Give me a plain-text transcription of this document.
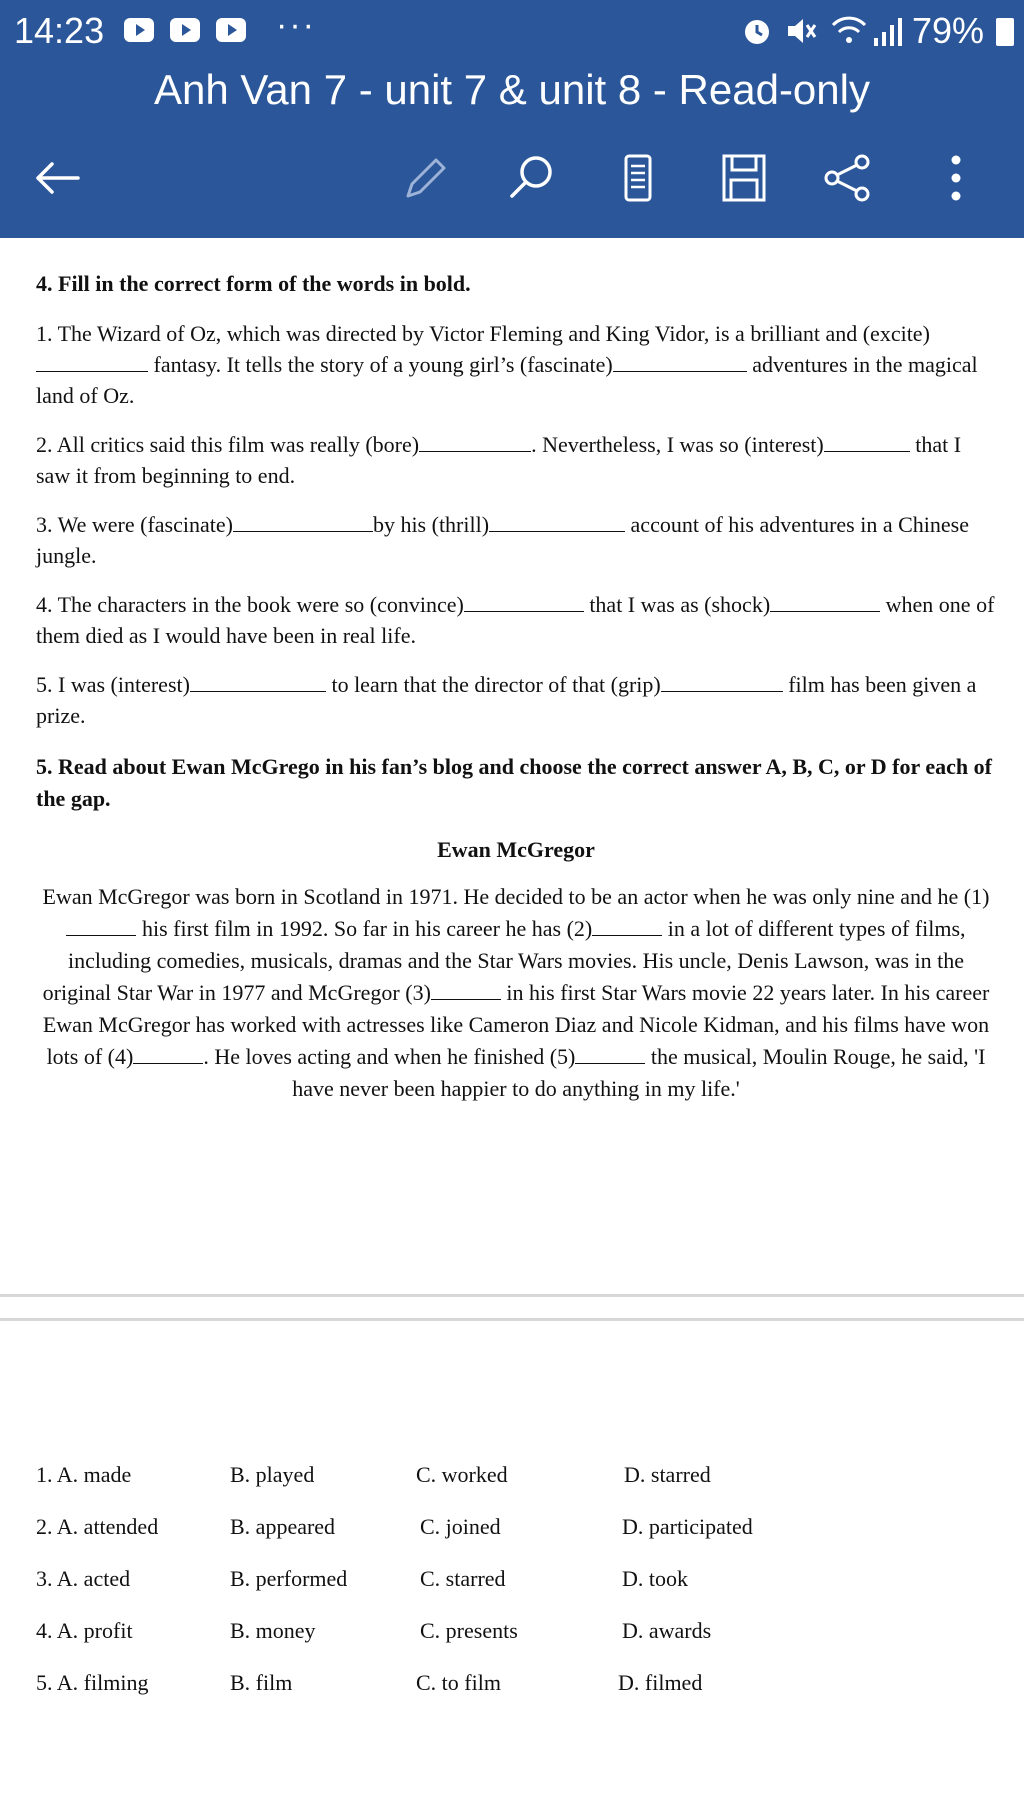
14:23	···	79%
Anh Van 7 - unit 7 & unit 8 - Read-only

4. Fill in the correct form of the words in bold.

1. The Wizard of Oz, which was directed by Victor Fleming and King Vidor, is a brilliant and (excite) fantasy. It tells the story of a young girl’s (fascinate)	adventures in the magical land of Oz.

2. All critics said this film was really (bore)	. Nevertheless, I was so (interest)	that I saw it from beginning to end.

3. We were (fascinate)	by his (thrill)	account of his adventures in a Chinese jungle.

4. The characters in the book were so (convince)	that I was as (shock)	when one of them died as I would have been in real life.

5. I was (interest)	to learn that the director of that (grip)	film has been given a prize.

5. Read about Ewan McGrego in his fan’s blog and choose the correct answer A, B, C, or D for each of the gap.

Ewan McGregor
Ewan McGregor was born in Scotland in 1971. He decided to be an actor when he was only nine and he (1) his first film in 1992. So far in his career he has (2)	in a lot of different types of films, including comedies, musicals, dramas and the Star Wars movies. His uncle, Denis Lawson, was in the original Star War in 1977 and McGregor (3)	in his first Star Wars movie 22 years later. In his career Ewan McGregor has worked with actresses like Cameron Diaz and Nicole Kidman, and his films have won lots of (4)	. He loves acting and when he finished (5)	the musical, Moulin Rouge, he said, 'I have never been happier to do anything in my life.'
1. A. made	B. played	C. worked	D. starred
2. A. attended	B. appeared	C. joined	D. participated
3. A. acted	B. performed	C. starred	D. took
4. A. profit	B. money	C. presents	D. awards
5. A. filming	B. film	C. to film	D. filmed
